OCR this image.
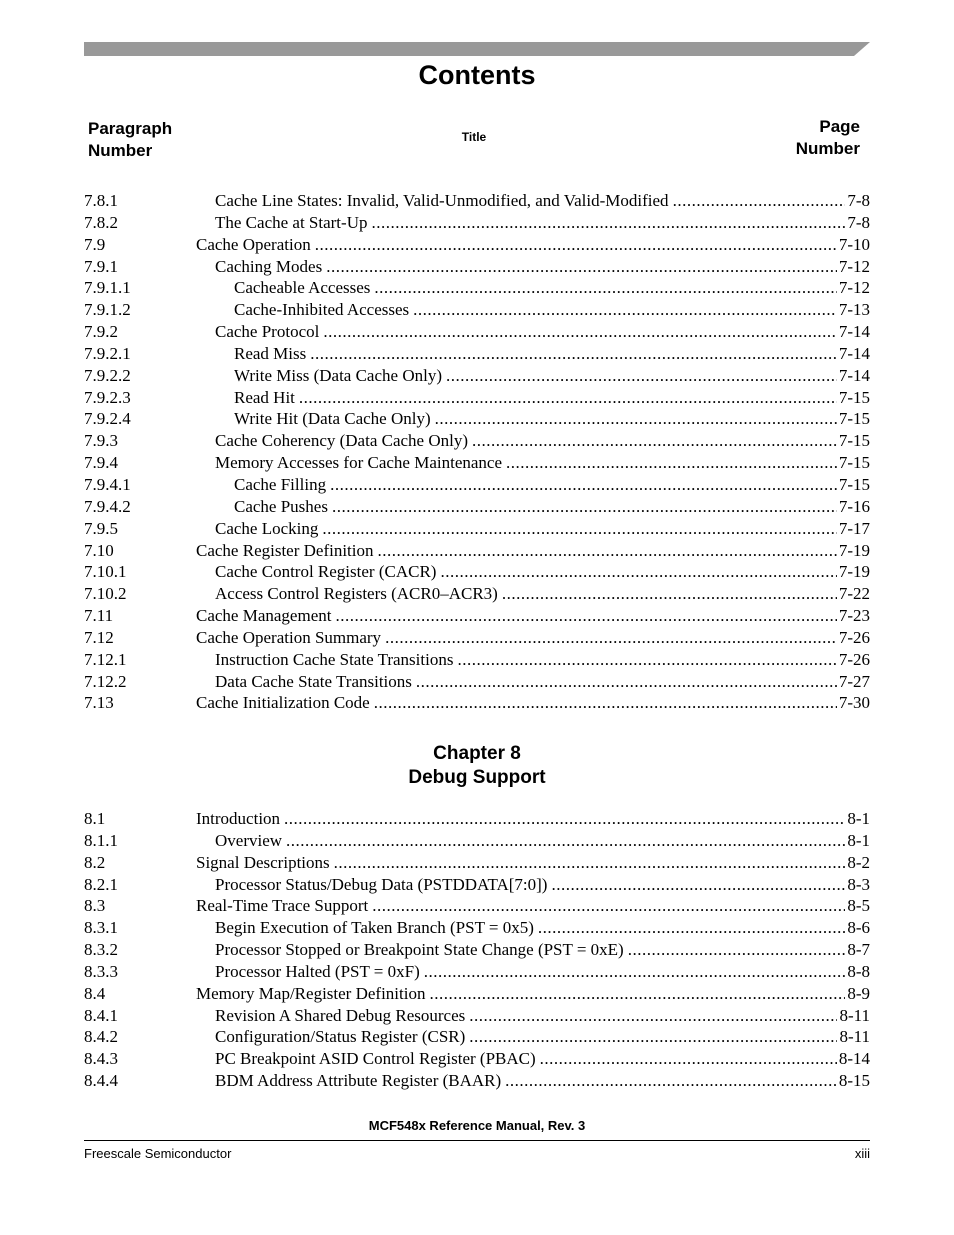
Contents
Paragraph
Number
Title
Page
Number
7.8.1	Cache Line States: Invalid, Valid-Unmodified, and Valid-Modified .....	7-8
7.8.2	The Cache at Start-Up .....	7-8
7.9	Cache Operation .....	7-10
7.9.1	Caching Modes .....	7-12
7.9.1.1	Cacheable Accesses .....	7-12
7.9.1.2	Cache-Inhibited Accesses .....	7-13
7.9.2	Cache Protocol .....	7-14
7.9.2.1	Read Miss .....	7-14
7.9.2.2	Write Miss (Data Cache Only) .....	7-14
7.9.2.3	Read Hit .....	7-15
7.9.2.4	Write Hit (Data Cache Only) .....	7-15
7.9.3	Cache Coherency (Data Cache Only) .....	7-15
7.9.4	Memory Accesses for Cache Maintenance .....	7-15
7.9.4.1	Cache Filling .....	7-15
7.9.4.2	Cache Pushes .....	7-16
7.9.5	Cache Locking .....	7-17
7.10	Cache Register Definition .....	7-19
7.10.1	Cache Control Register (CACR) .....	7-19
7.10.2	Access Control Registers (ACR0–ACR3) .....	7-22
7.11	Cache Management .....	7-23
7.12	Cache Operation Summary .....	7-26
7.12.1	Instruction Cache State Transitions .....	7-26
7.12.2	Data Cache State Transitions .....	7-27
7.13	Cache Initialization Code .....	7-30
Chapter 8
Debug Support
8.1	Introduction .....	8-1
8.1.1	Overview .....	8-1
8.2	Signal Descriptions .....	8-2
8.2.1	Processor Status/Debug Data (PSTDDATA[7:0]) .....	8-3
8.3	Real-Time Trace Support .....	8-5
8.3.1	Begin Execution of Taken Branch (PST = 0x5) .....	8-6
8.3.2	Processor Stopped or Breakpoint State Change (PST = 0xE) .....	8-7
8.3.3	Processor Halted (PST = 0xF) .....	8-8
8.4	Memory Map/Register Definition .....	8-9
8.4.1	Revision A Shared Debug Resources .....	8-11
8.4.2	Configuration/Status Register (CSR) .....	8-11
8.4.3	PC Breakpoint ASID Control Register (PBAC) .....	8-14
8.4.4	BDM Address Attribute Register (BAAR) .....	8-15
MCF548x Reference Manual, Rev. 3
Freescale Semiconductor	xiii
